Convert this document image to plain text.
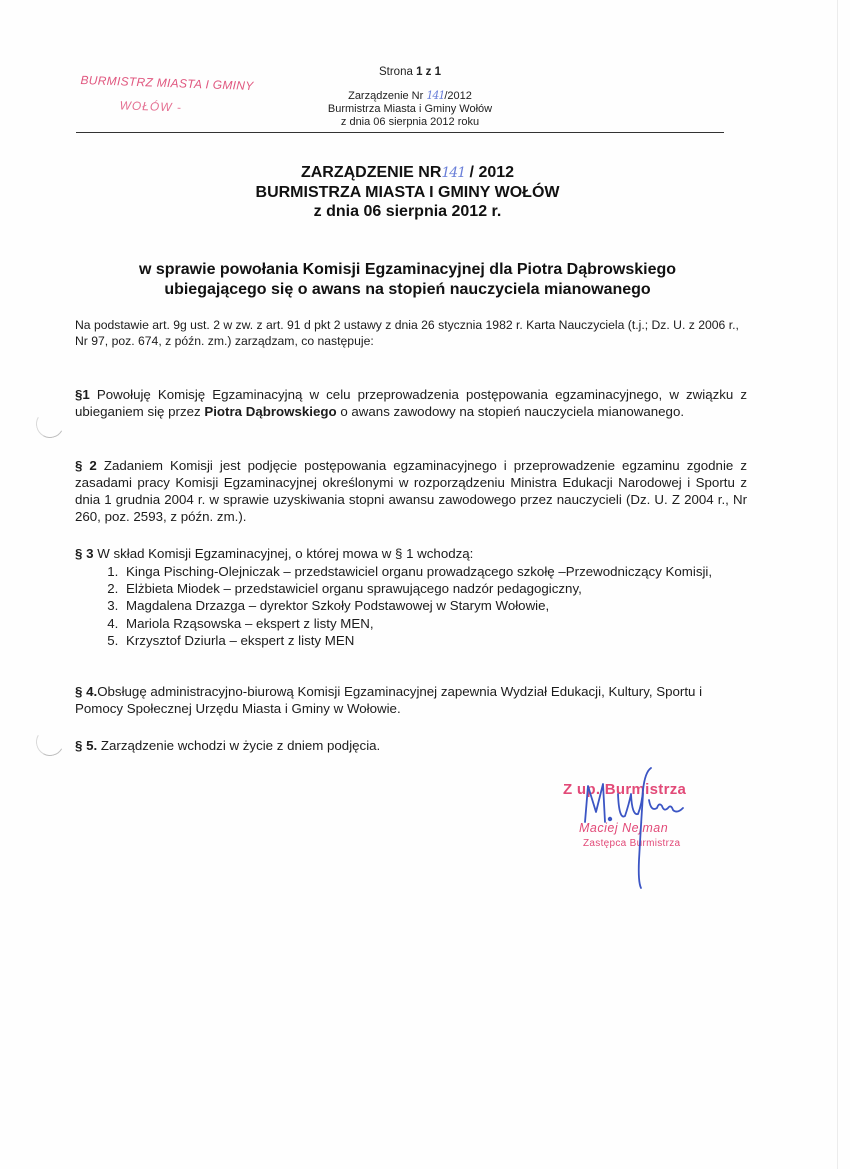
BURMISTRZ MIASTA I GMINY
WOŁÓW -
Strona 1 z 1
Zarządzenie Nr 141/2012
Burmistrza Miasta i Gminy Wołów
z dnia 06 sierpnia 2012 roku
ZARZĄDZENIE NR141 / 2012
BURMISTRZA MIASTA I GMINY WOŁÓW
z dnia 06 sierpnia 2012 r.
w sprawie powołania Komisji Egzaminacyjnej dla Piotra Dąbrowskiego
ubiegającego się o awans na stopień nauczyciela mianowanego
Na podstawie art. 9g ust. 2 w zw. z art. 91 d pkt 2 ustawy z dnia 26 stycznia 1982 r. Karta Nauczyciela (t.j.; Dz. U. z 2006 r., Nr 97, poz. 674, z późn. zm.) zarządzam, co następuje:
§1 Powołuję Komisję Egzaminacyjną w celu przeprowadzenia postępowania egzaminacyjnego, w związku z ubieganiem się przez Piotra Dąbrowskiego o awans zawodowy na stopień nauczyciela mianowanego.
§ 2 Zadaniem Komisji jest podjęcie postępowania egzaminacyjnego i przeprowadzenie egzaminu zgodnie z zasadami pracy Komisji Egzaminacyjnej określonymi w rozporządzeniu Ministra Edukacji Narodowej i Sportu z dnia 1 grudnia 2004 r. w sprawie uzyskiwania stopni awansu zawodowego przez nauczycieli (Dz. U. Z 2004 r., Nr 260, poz. 2593, z późn. zm.).
§ 3 W skład Komisji Egzaminacyjnej, o której mowa w § 1 wchodzą:
1. Kinga Pisching-Olejniczak – przedstawiciel organu prowadzącego szkołę –Przewodniczący Komisji,
2. Elżbieta Miodek – przedstawiciel organu sprawującego nadzór pedagogiczny,
3. Magdalena Drzazga – dyrektor Szkoły Podstawowej w Starym Wołowie,
4. Mariola Rząsowska – ekspert z listy MEN,
5. Krzysztof Dziurla – ekspert z listy MEN
§ 4.Obsługę administracyjno-biurową Komisji Egzaminacyjnej zapewnia Wydział Edukacji, Kultury, Sportu i Pomocy Społecznej Urzędu Miasta i Gminy w Wołowie.
§ 5. Zarządzenie wchodzi w życie z dniem podjęcia.
Z up. Burmistrza
Maciej Nejman
Zastępca Burmistrza
